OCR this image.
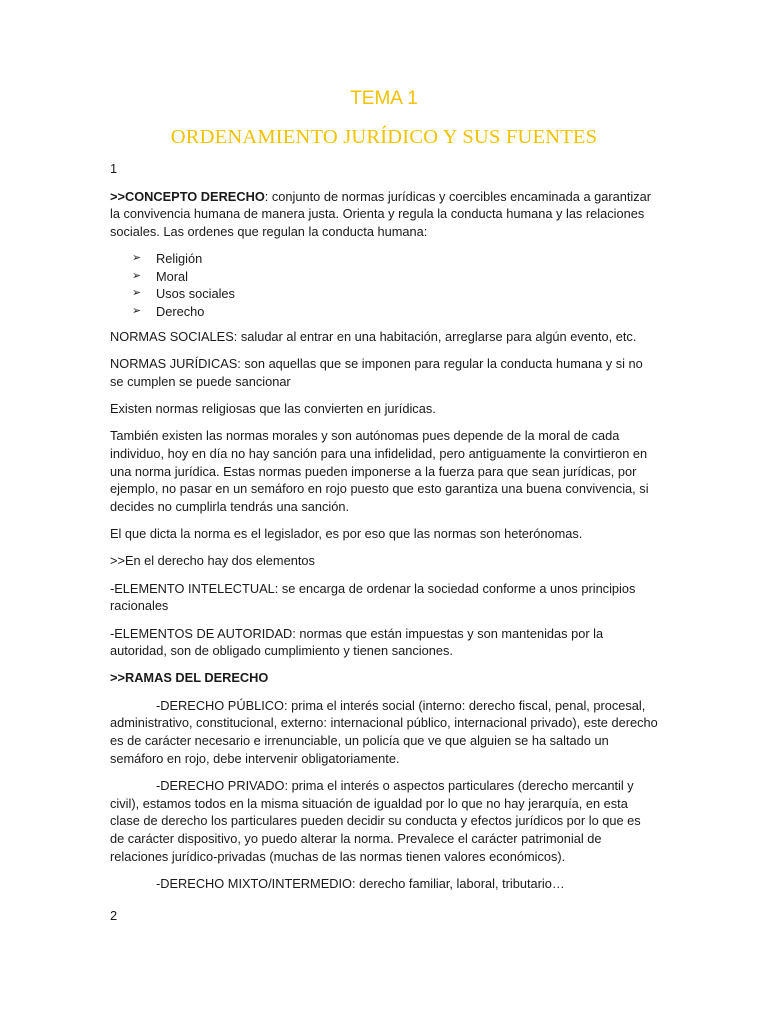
TEMA 1
ORDENAMIENTO JURÍDICO Y SUS FUENTES

1

>>CONCEPTO DERECHO: conjunto de normas jurídicas y coercibles encaminada a garantizar la convivencia humana de manera justa. Orienta y regula la conducta humana y las relaciones sociales. Las ordenes que regulan la conducta humana:

➢ Religión
➢ Moral
➢ Usos sociales
➢ Derecho

NORMAS SOCIALES: saludar al entrar en una habitación, arreglarse para algún evento, etc.

NORMAS JURÍDICAS: son aquellas que se imponen para regular la conducta humana y si no se cumplen se puede sancionar

Existen normas religiosas que las convierten en jurídicas.

También existen las normas morales y son autónomas pues depende de la moral de cada individuo, hoy en día no hay sanción para una infidelidad, pero antiguamente la convirtieron en una norma jurídica. Estas normas pueden imponerse a la fuerza para que sean jurídicas, por ejemplo, no pasar en un semáforo en rojo puesto que esto garantiza una buena convivencia, si decides no cumplirla tendrás una sanción.

El que dicta la norma es el legislador, es por eso que las normas son heterónomas.

>>En el derecho hay dos elementos

-ELEMENTO INTELECTUAL: se encarga de ordenar la sociedad conforme a unos principios racionales

-ELEMENTOS DE AUTORIDAD: normas que están impuestas y son mantenidas por la autoridad, son de obligado cumplimiento y tienen sanciones.

>>RAMAS DEL DERECHO

-DERECHO PÚBLICO: prima el interés social (interno: derecho fiscal, penal, procesal, administrativo, constitucional, externo: internacional público, internacional privado), este derecho es de carácter necesario e irrenunciable, un policía que ve que alguien se ha saltado un semáforo en rojo, debe intervenir obligatoriamente.

-DERECHO PRIVADO: prima el interés o aspectos particulares (derecho mercantil y civil), estamos todos en la misma situación de igualdad por lo que no hay jerarquía, en esta clase de derecho los particulares pueden decidir su conducta y efectos jurídicos por lo que es de carácter dispositivo, yo puedo alterar la norma. Prevalece el carácter patrimonial de relaciones jurídico-privadas (muchas de las normas tienen valores económicos).

-DERECHO MIXTO/INTERMEDIO: derecho familiar, laboral, tributario…

2
